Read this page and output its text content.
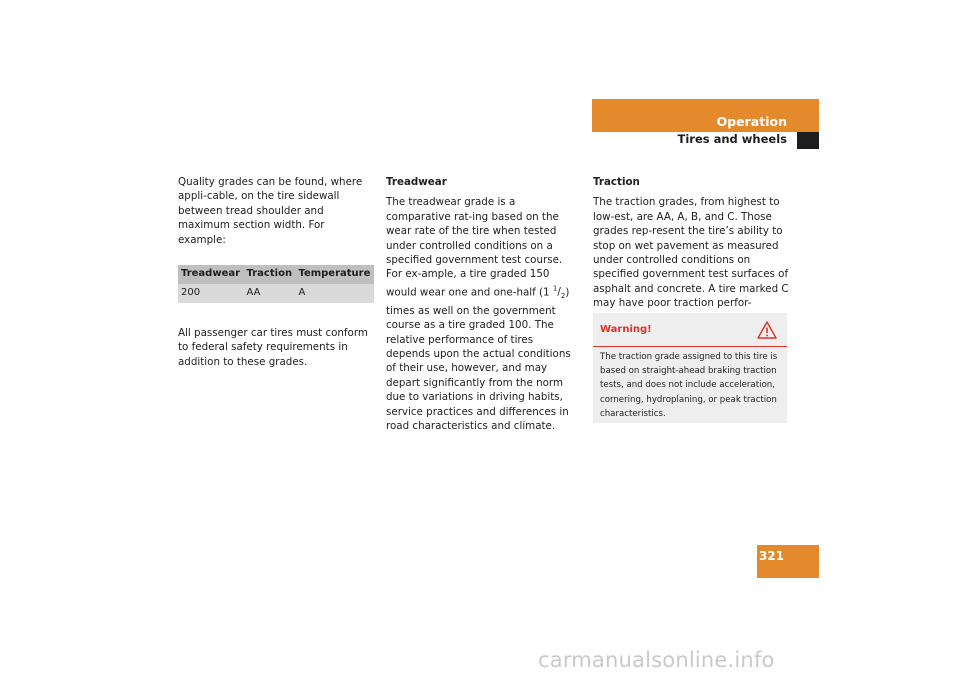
Operation
Tires and wheels

Quality grades can be found, where appli-cable, on the tire sidewall between tread shoulder and maximum section width. For example:

Treadwear	Traction	Temperature
200	AA	A

All passenger car tires must conform to federal safety requirements in addition to these grades.

Treadwear

The treadwear grade is a comparative rat-ing based on the wear rate of the tire when tested under controlled conditions on a specified government test course. For ex-ample, a tire graded 150 would wear one and one-half (1 $^1/_2$) times as well on the government course as a tire graded 100. The relative performance of tires depends upon the actual conditions of their use, however, and may depart significantly from the norm due to variations in driving habits, service practices and differences in road characteristics and climate.

Traction

The traction grades, from highest to low-est, are AA, A, B, and C. Those grades rep-resent the tire’s ability to stop on wet pavement as measured under controlled conditions on specified government test surfaces of asphalt and concrete. A tire marked C may have poor traction perfor-

Warning!
The traction grade assigned to this tire is based on straight-ahead braking traction tests, and does not include acceleration, cornering, hydroplaning, or peak traction characteristics.
321
carmanualsonline.info
